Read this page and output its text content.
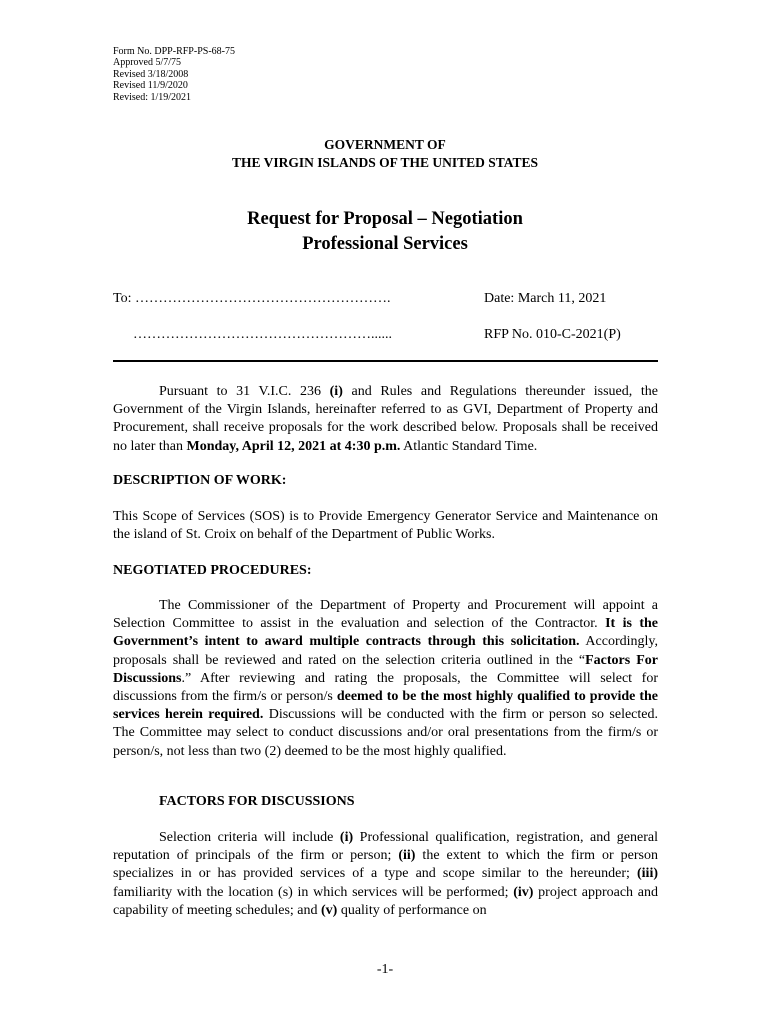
Form No. DPP-RFP-PS-68-75
Approved 5/7/75
Revised 3/18/2008
Revised 11/9/2020
Revised: 1/19/2021
GOVERNMENT OF
THE VIRGIN ISLANDS OF THE UNITED STATES
Request for Proposal – Negotiation
Professional Services
To: ……………………………………………….
……………………………………………......
Date: March 11, 2021
RFP No. 010-C-2021(P)
Pursuant to 31 V.I.C. 236 (i) and Rules and Regulations thereunder issued, the Government of the Virgin Islands, hereinafter referred to as GVI, Department of Property and Procurement, shall receive proposals for the work described below. Proposals shall be received no later than Monday, April 12, 2021 at 4:30 p.m. Atlantic Standard Time.
DESCRIPTION OF WORK:
This Scope of Services (SOS) is to Provide Emergency Generator Service and Maintenance on the island of St. Croix on behalf of the Department of Public Works.
NEGOTIATED PROCEDURES:
The Commissioner of the Department of Property and Procurement will appoint a Selection Committee to assist in the evaluation and selection of the Contractor. It is the Government’s intent to award multiple contracts through this solicitation. Accordingly, proposals shall be reviewed and rated on the selection criteria outlined in the “Factors For Discussions.” After reviewing and rating the proposals, the Committee will select for discussions from the firm/s or person/s deemed to be the most highly qualified to provide the services herein required. Discussions will be conducted with the firm or person so selected. The Committee may select to conduct discussions and/or oral presentations from the firm/s or person/s, not less than two (2) deemed to be the most highly qualified.
FACTORS FOR DISCUSSIONS
Selection criteria will include (i) Professional qualification, registration, and general reputation of principals of the firm or person; (ii) the extent to which the firm or person specializes in or has provided services of a type and scope similar to the hereunder; (iii) familiarity with the location (s) in which services will be performed; (iv) project approach and capability of meeting schedules; and (v) quality of performance on
-1-
